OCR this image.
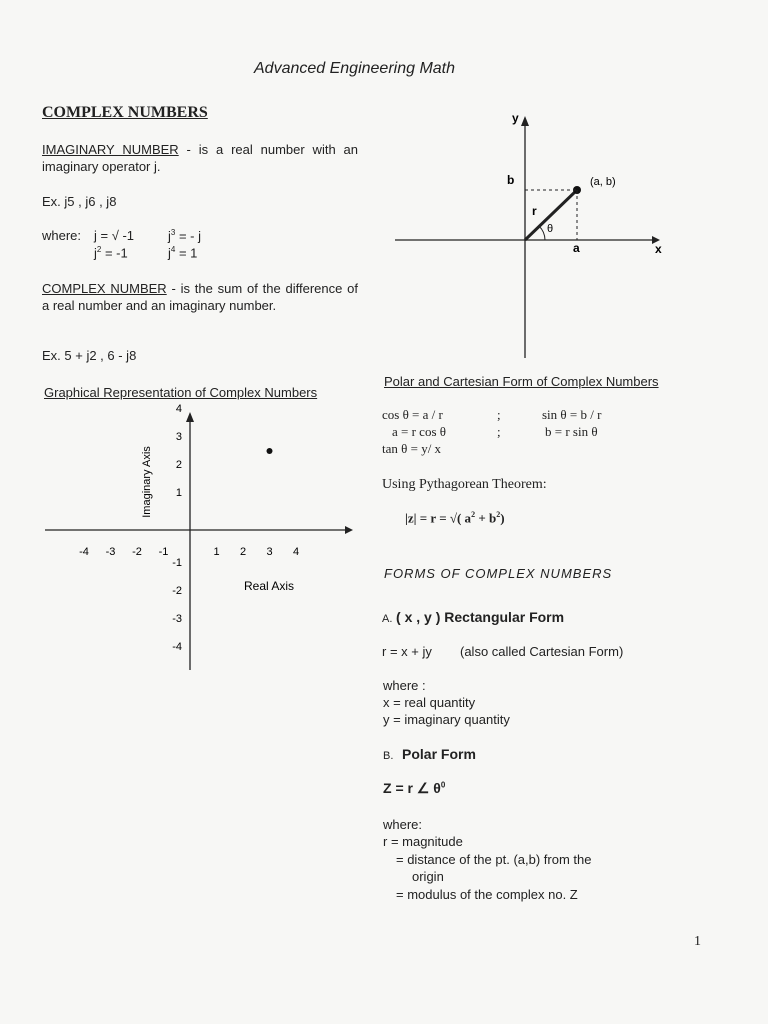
Advanced Engineering Math
COMPLEX NUMBERS
IMAGINARY NUMBER - is a real number with an imaginary operator j.
Ex. j5 , j6 , j8
where: j = √ -1	$j^3$ = - j
$j^2 = -1$	$j^4 = 1$
COMPLEX NUMBER - is the sum of the difference of a real number and an imaginary number.
Ex. 5 + j2 , 6 - j8
Graphical Representation of Complex Numbers
Imaginary Axis
Real Axis
-4 -3 -2 -1	1 2 3 4
4
3
2
1
-1
-2
-3
-4
y
x
b
a
r
θ
(a, b)
Polar and Cartesian Form of Complex Numbers
cos θ = a / r	;	sin θ = b / r
a = r cos θ	;	b = r sin θ
tan θ = y/ x
Using Pythagorean Theorem:
|z| = r = √( $a^2 + b^2$)
FORMS OF COMPLEX NUMBERS
A. ( x , y ) Rectangular Form
r = x + jy (also called Cartesian Form)
where :
x = real quantity
y = imaginary quantity
B. Polar Form
Z = r ∠ $\theta^0$
where:
r = magnitude
= distance of the pt. (a,b) from the
origin
= modulus of the complex no. Z
1
